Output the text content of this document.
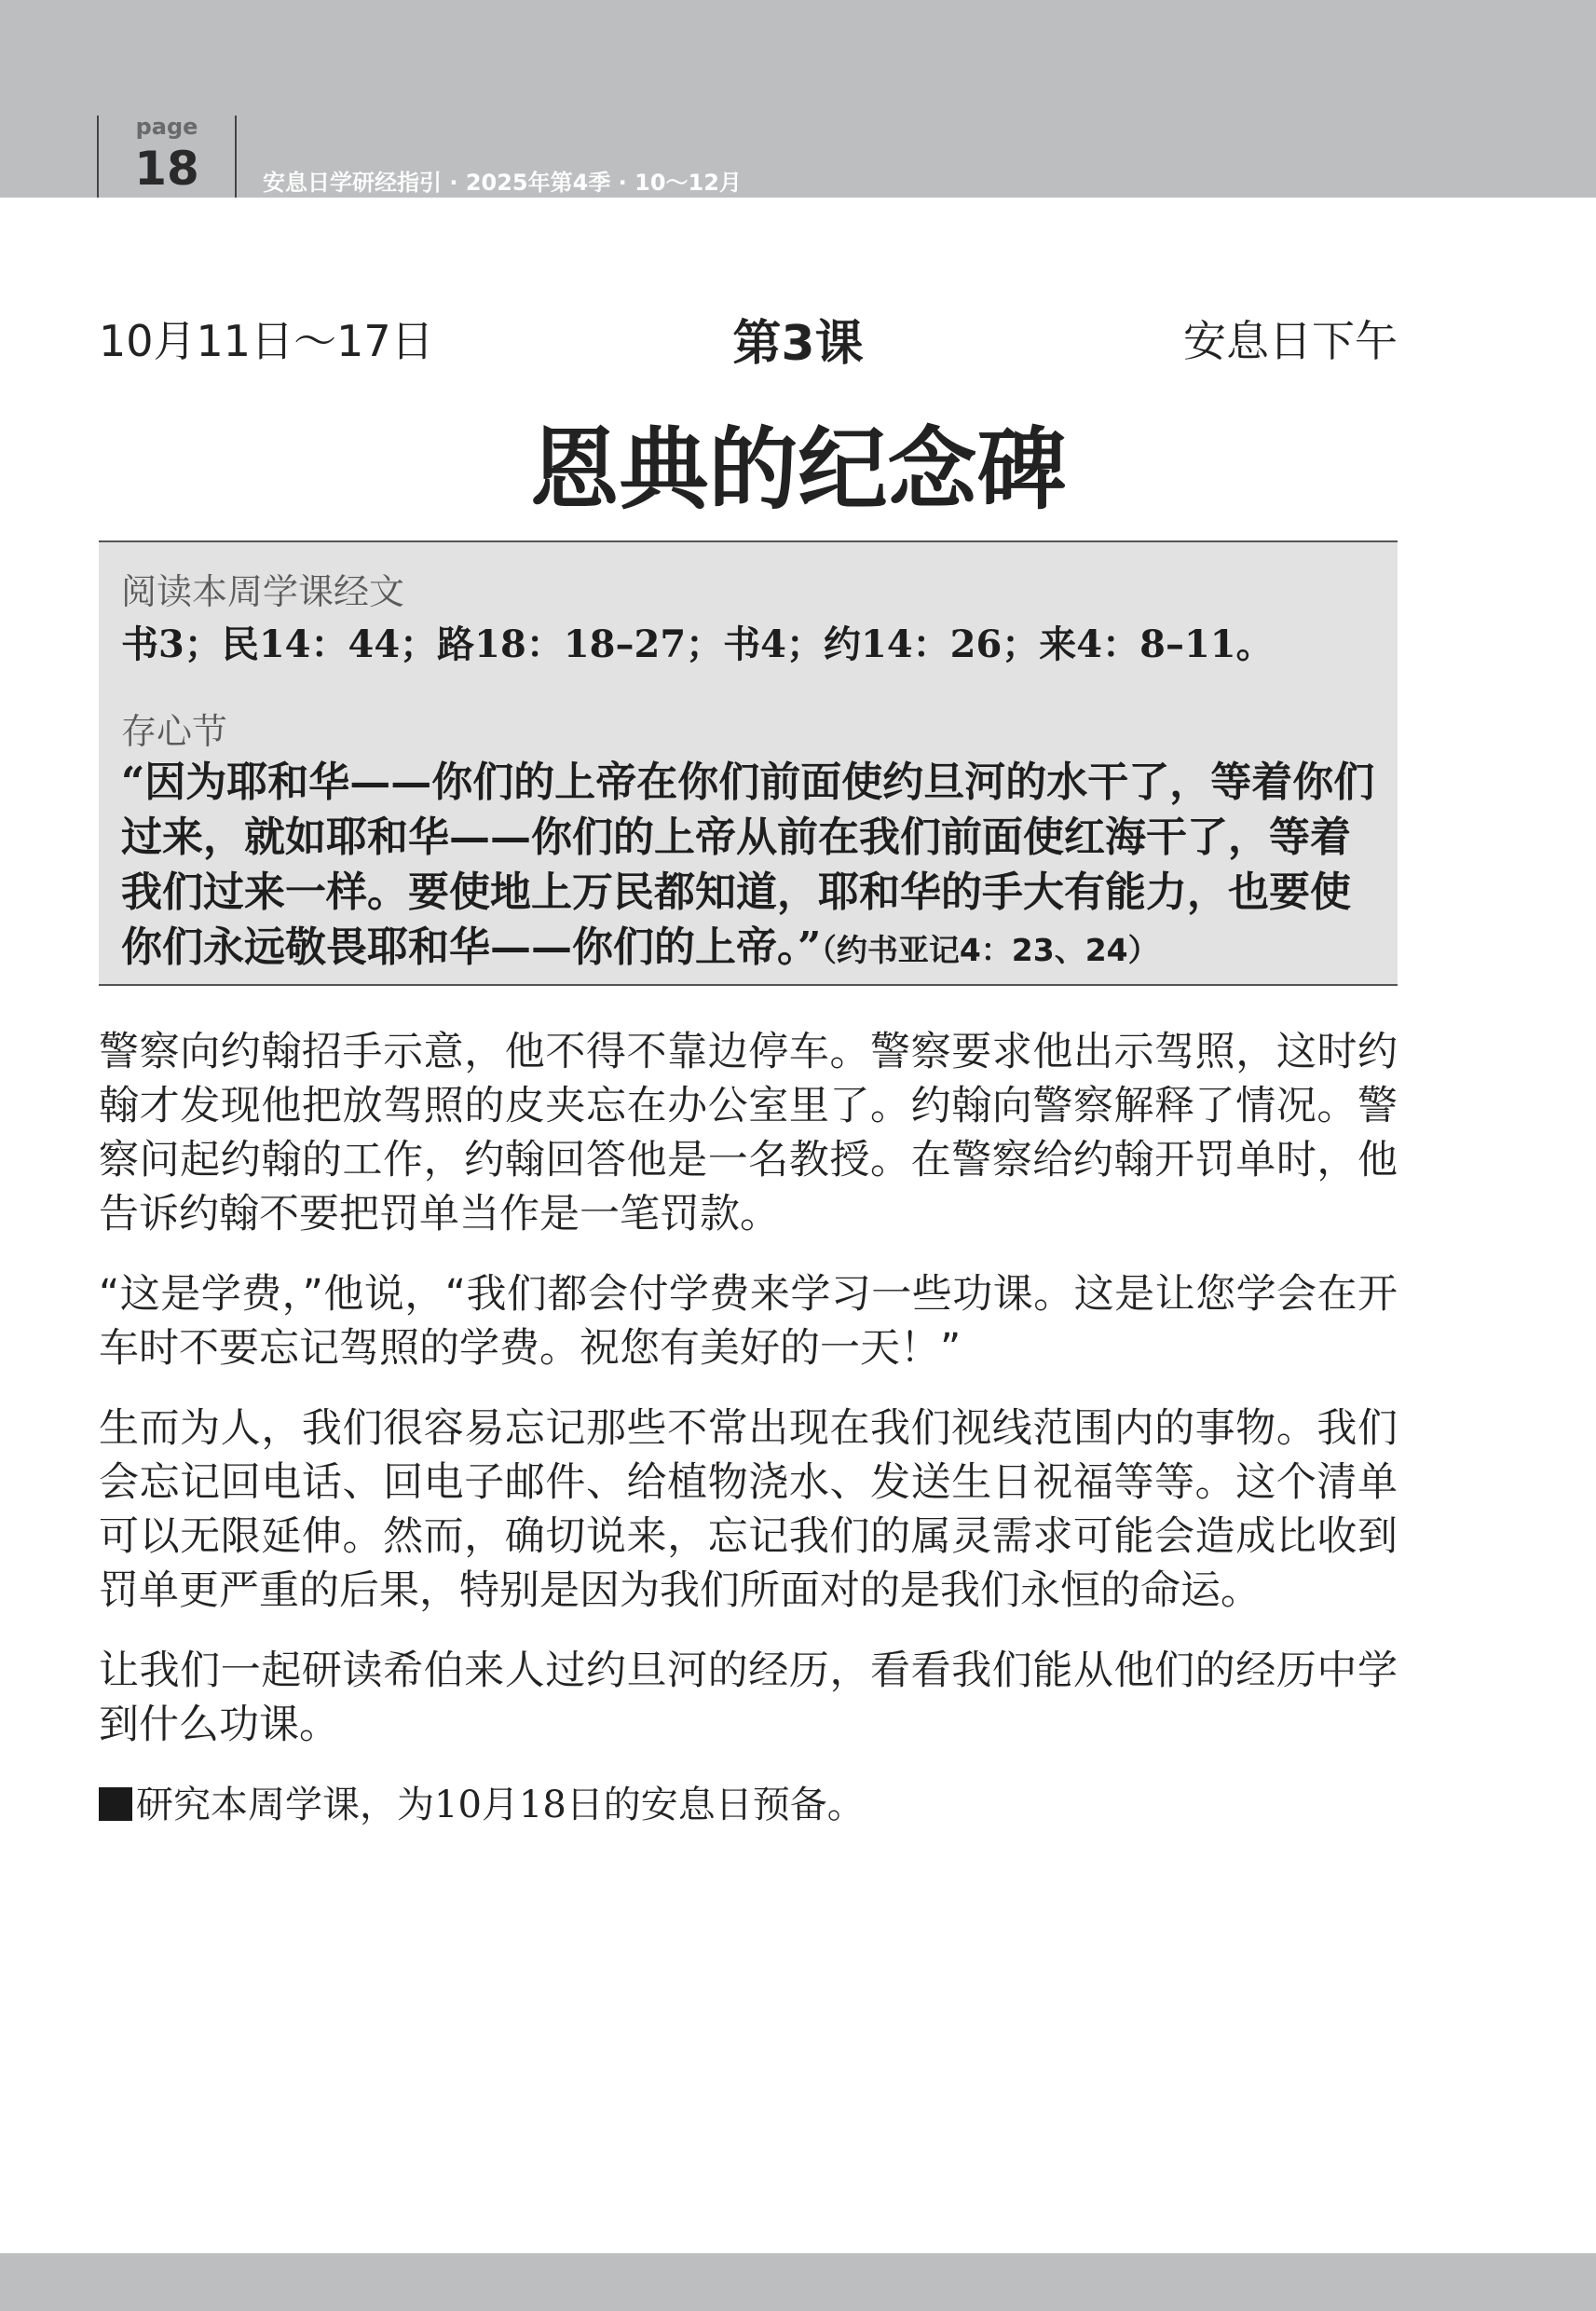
page
18	安息日学研经指引 · 2025年第4季 · 10～12月
10月11日～17日	第3课	安息日下午
恩典的纪念碑
阅读本周学课经文
书3；民14：44；路18：18–27；书4；约14：26；来4：8–11。
存心节
“因为耶和华——你们的上帝在你们前面使约旦河的水干了，等着你们过来，就如耶和华——你们的上帝从前在我们前面使红海干了，等着我们过来一样。要使地上万民都知道，耶和华的手大有能力，也要使你们永远敬畏耶和华——你们的上帝。”（约书亚记4：23、24）

警察向约翰招手示意，他不得不靠边停车。警察要求他出示驾照，这时约翰才发现他把放驾照的皮夹忘在办公室里了。约翰向警察解释了情况。警察问起约翰的工作，约翰回答他是一名教授。在警察给约翰开罚单时，他告诉约翰不要把罚单当作是一笔罚款。

“这是学费，”他说，“我们都会付学费来学习一些功课。这是让您学会在开车时不要忘记驾照的学费。祝您有美好的一天！”

生而为人，我们很容易忘记那些不常出现在我们视线范围内的事物。我们会忘记回电话、回电子邮件、给植物浇水、发送生日祝福等等。这个清单可以无限延伸。然而，确切说来，忘记我们的属灵需求可能会造成比收到罚单更严重的后果，特别是因为我们所面对的是我们永恒的命运。

让我们一起研读希伯来人过约旦河的经历，看看我们能从他们的经历中学到什么功课。

研究本周学课，为10月18日的安息日预备。
